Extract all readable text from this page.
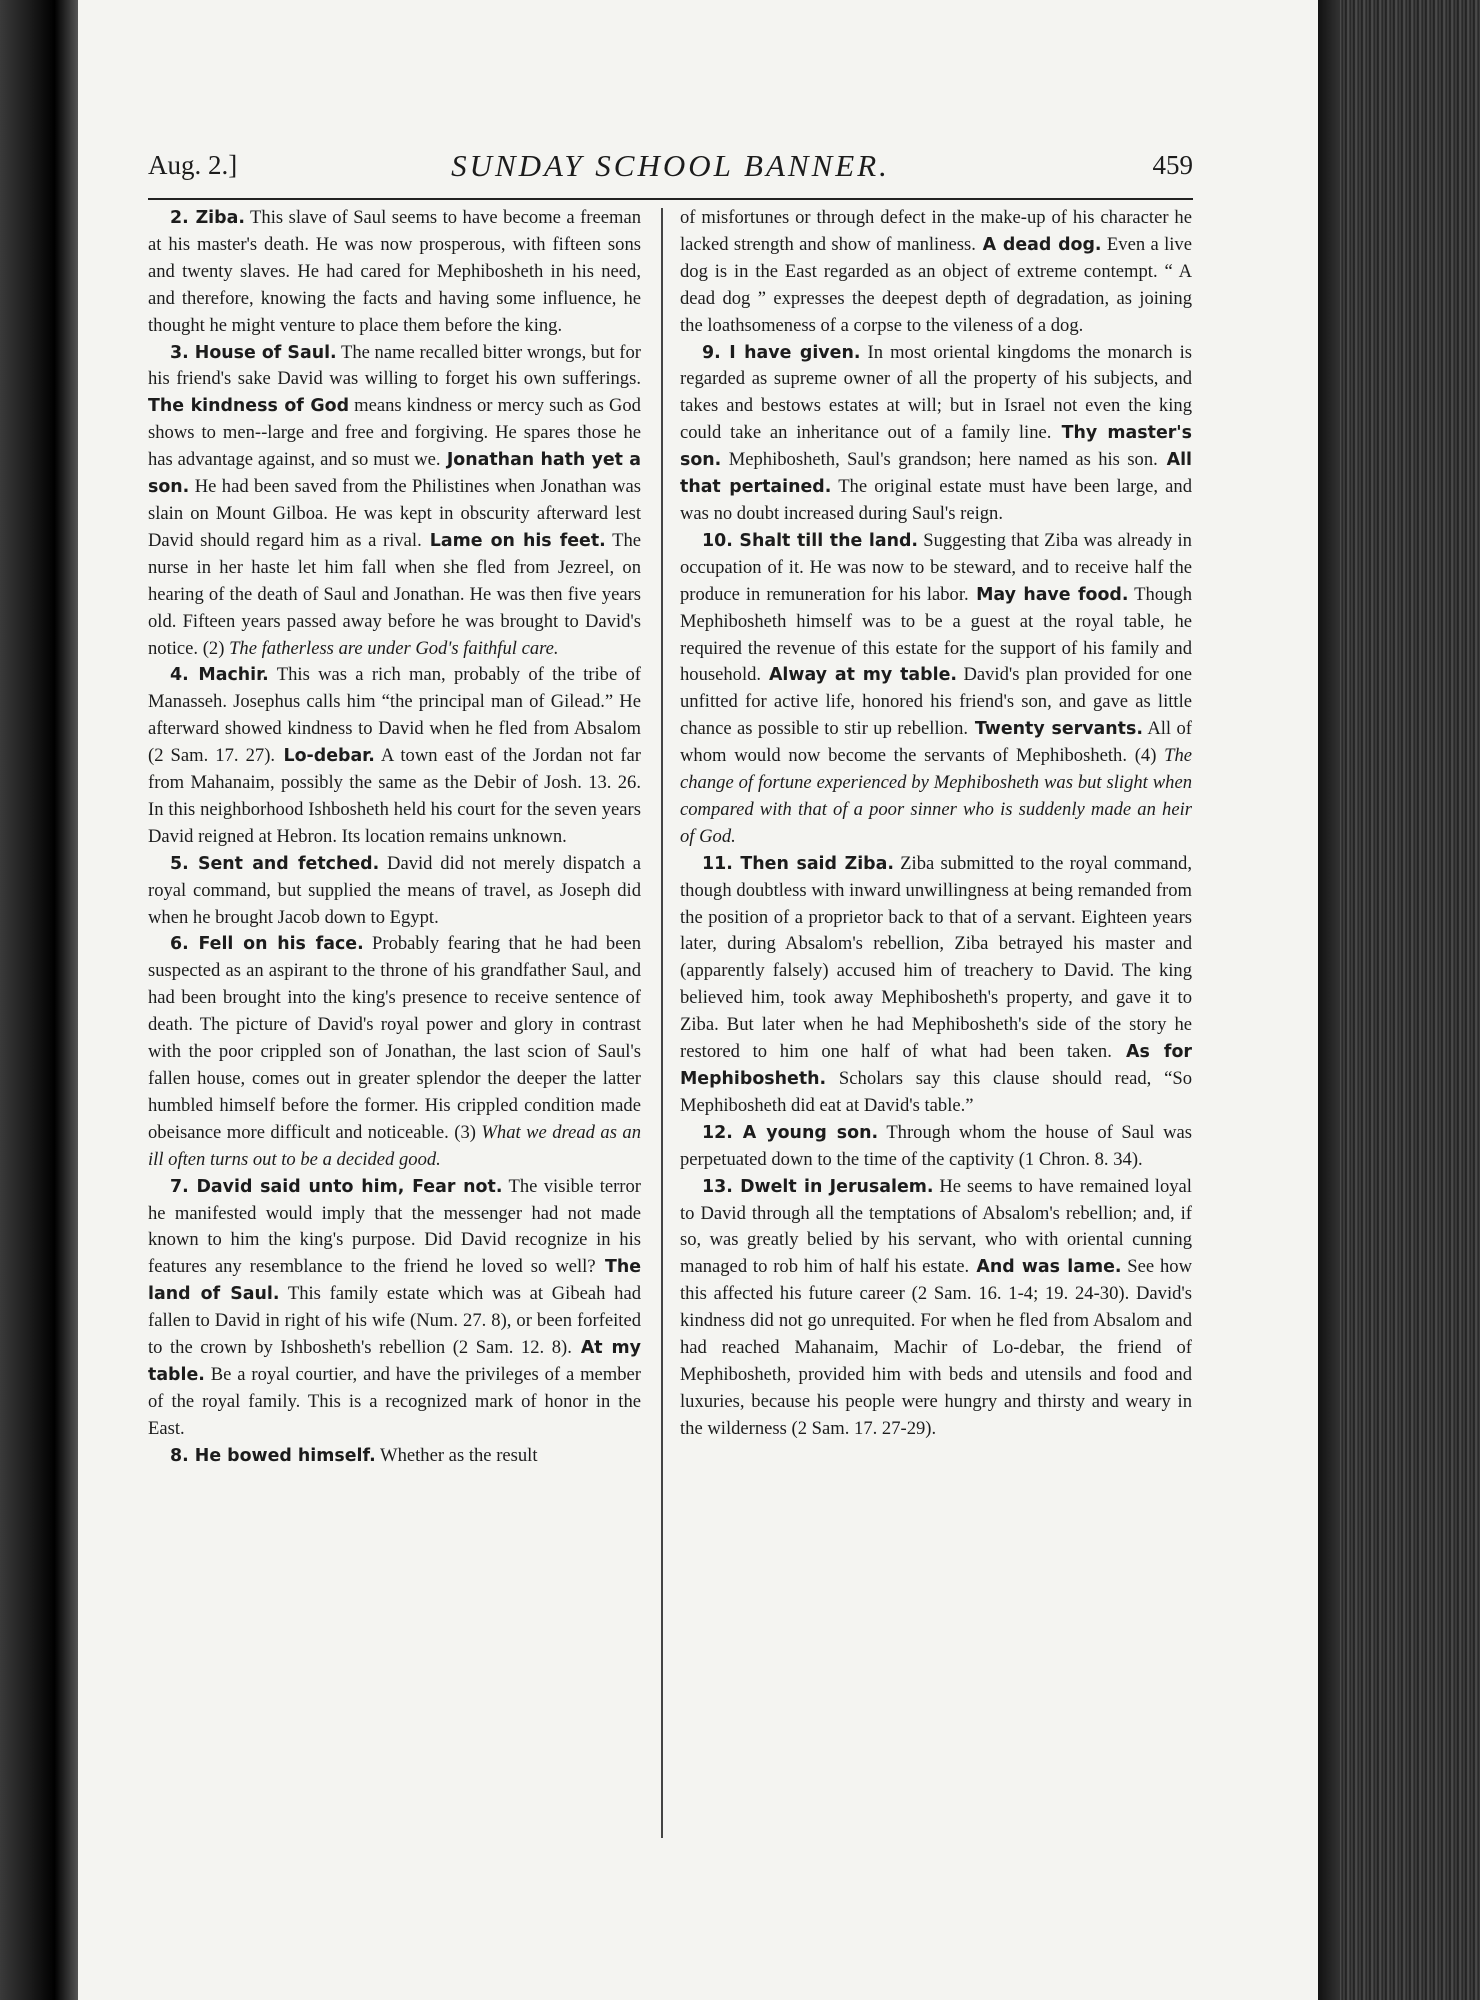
Aug. 2.]	SUNDAY SCHOOL BANNER.	459

2. Ziba. This slave of Saul seems to have become a freeman at his master's death. He was now prosperous, with fifteen sons and twenty slaves. He had cared for Mephibosheth in his need, and therefore, knowing the facts and having some influence, he thought he might venture to place them before the king.

3. House of Saul. The name recalled bitter wrongs, but for his friend's sake David was willing to forget his own sufferings. The kindness of God means kindness or mercy such as God shows to men--large and free and forgiving. He spares those he has advantage against, and so must we. Jonathan hath yet a son. He had been saved from the Philistines when Jonathan was slain on Mount Gilboa. He was kept in obscurity afterward lest David should regard him as a rival. Lame on his feet. The nurse in her haste let him fall when she fled from Jezreel, on hearing of the death of Saul and Jonathan. He was then five years old. Fifteen years passed away before he was brought to David's notice. (2) The fatherless are under God's faithful care.

4. Machir. This was a rich man, probably of the tribe of Manasseh. Josephus calls him “the principal man of Gilead.” He afterward showed kindness to David when he fled from Absalom (2 Sam. 17. 27). Lo-debar. A town east of the Jordan not far from Mahanaim, possibly the same as the Debir of Josh. 13. 26. In this neighborhood Ishbosheth held his court for the seven years David reigned at Hebron. Its location remains unknown.

5. Sent and fetched. David did not merely dispatch a royal command, but supplied the means of travel, as Joseph did when he brought Jacob down to Egypt.

6. Fell on his face. Probably fearing that he had been suspected as an aspirant to the throne of his grandfather Saul, and had been brought into the king's presence to receive sentence of death. The picture of David's royal power and glory in contrast with the poor crippled son of Jonathan, the last scion of Saul's fallen house, comes out in greater splendor the deeper the latter humbled himself before the former. His crippled condition made obeisance more difficult and noticeable. (3) What we dread as an ill often turns out to be a decided good.

7. David said unto him, Fear not. The visible terror he manifested would imply that the messenger had not made known to him the king's purpose. Did David recognize in his features any resemblance to the friend he loved so well? The land of Saul. This family estate which was at Gibeah had fallen to David in right of his wife (Num. 27. 8), or been forfeited to the crown by Ishbosheth's rebellion (2 Sam. 12. 8). At my table. Be a royal courtier, and have the privileges of a member of the royal family. This is a recognized mark of honor in the East.

8. He bowed himself. Whether as the result

of misfortunes or through defect in the make-up of his character he lacked strength and show of manliness. A dead dog. Even a live dog is in the East regarded as an object of extreme contempt. “ A dead dog ” expresses the deepest depth of degradation, as joining the loathsomeness of a corpse to the vileness of a dog.

9. I have given. In most oriental kingdoms the monarch is regarded as supreme owner of all the property of his subjects, and takes and bestows estates at will; but in Israel not even the king could take an inheritance out of a family line. Thy master's son. Mephibosheth, Saul's grandson; here named as his son. All that pertained. The original estate must have been large, and was no doubt increased during Saul's reign.

10. Shalt till the land. Suggesting that Ziba was already in occupation of it. He was now to be steward, and to receive half the produce in remuneration for his labor. May have food. Though Mephibosheth himself was to be a guest at the royal table, he required the revenue of this estate for the support of his family and household. Alway at my table. David's plan provided for one unfitted for active life, honored his friend's son, and gave as little chance as possible to stir up rebellion. Twenty servants. All of whom would now become the servants of Mephibosheth. (4) The change of fortune experienced by Mephibosheth was but slight when compared with that of a poor sinner who is suddenly made an heir of God.

11. Then said Ziba. Ziba submitted to the royal command, though doubtless with inward unwillingness at being remanded from the position of a proprietor back to that of a servant. Eighteen years later, during Absalom's rebellion, Ziba betrayed his master and (apparently falsely) accused him of treachery to David. The king believed him, took away Mephibosheth's property, and gave it to Ziba. But later when he had Mephibosheth's side of the story he restored to him one half of what had been taken. As for Mephibosheth. Scholars say this clause should read, “So Mephibosheth did eat at David's table.”

12. A young son. Through whom the house of Saul was perpetuated down to the time of the captivity (1 Chron. 8. 34).

13. Dwelt in Jerusalem. He seems to have remained loyal to David through all the temptations of Absalom's rebellion; and, if so, was greatly belied by his servant, who with oriental cunning managed to rob him of half his estate. And was lame. See how this affected his future career (2 Sam. 16. 1-4; 19. 24-30). David's kindness did not go unrequited. For when he fled from Absalom and had reached Mahanaim, Machir of Lo-debar, the friend of Mephibosheth, provided him with beds and utensils and food and luxuries, because his people were hungry and thirsty and weary in the wilderness (2 Sam. 17. 27-29).
